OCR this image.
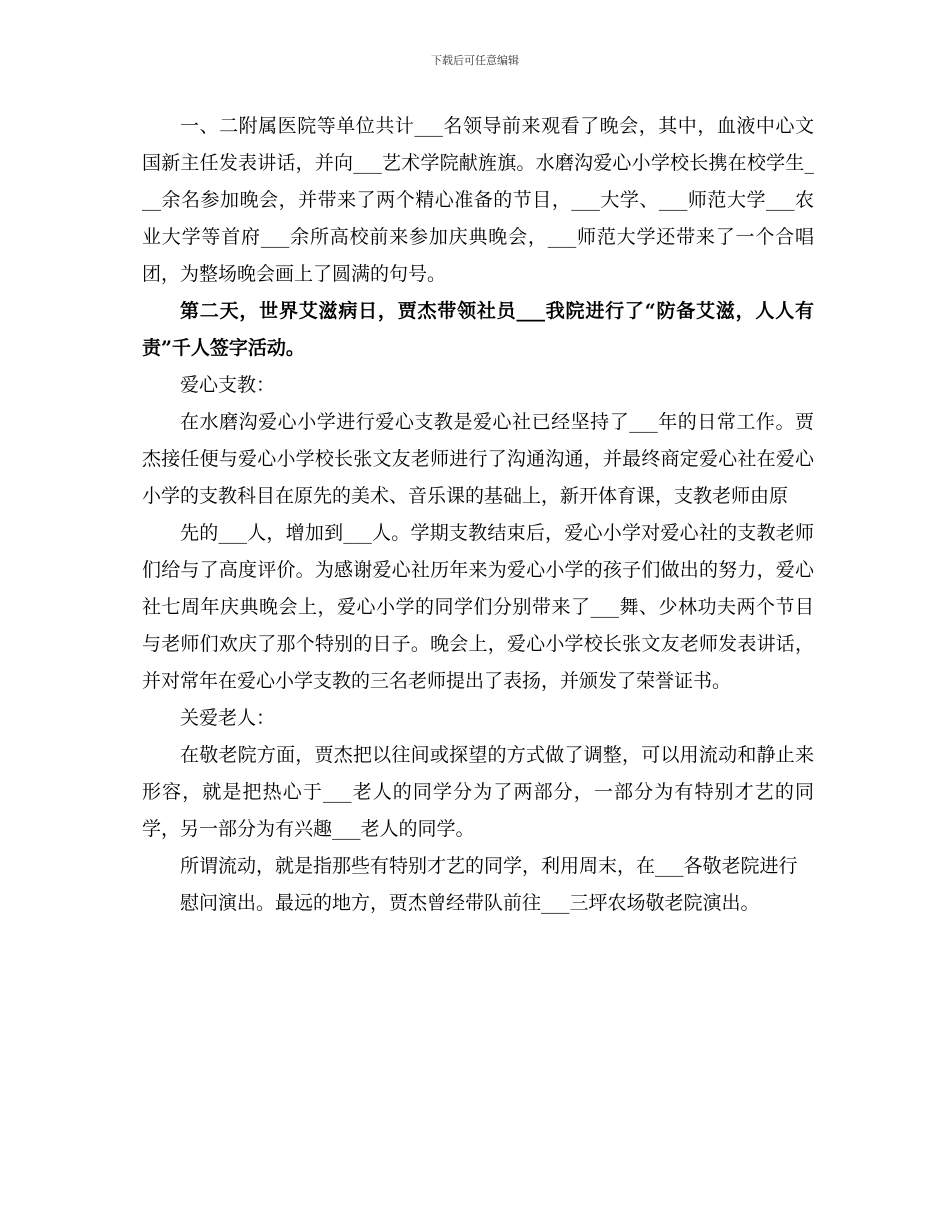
下载后可任意编辑

一、二附属医院等单位共计___名领导前来观看了晚会，其中，血液中心文国新主任发表讲话，并向___艺术学院献旌旗。水磨沟爱心小学校长携在校学生___余名参加晚会，并带来了两个精心准备的节目，___大学、___师范大学___农业大学等首府___余所高校前来参加庆典晚会，___师范大学还带来了一个合唱团，为整场晚会画上了圆满的句号。

第二天，世界艾滋病日，贾杰带领社员___我院进行了“防备艾滋，人人有责”千人签字活动。

爱心支教：

在水磨沟爱心小学进行爱心支教是爱心社已经坚持了___年的日常工作。贾杰接任便与爱心小学校长张文友老师进行了沟通沟通，并最终商定爱心社在爱心小学的支教科目在原先的美术、音乐课的基础上，新开体育课，支教老师由原

先的___人，增加到___人。学期支教结束后，爱心小学对爱心社的支教老师们给与了高度评价。为感谢爱心社历年来为爱心小学的孩子们做出的努力，爱心社七周年庆典晚会上，爱心小学的同学们分别带来了___舞、少林功夫两个节目与老师们欢庆了那个特别的日子。晚会上，爱心小学校长张文友老师发表讲话，并对常年在爱心小学支教的三名老师提出了表扬，并颁发了荣誉证书。

关爱老人：

在敬老院方面，贾杰把以往间或探望的方式做了调整，可以用流动和静止来形容，就是把热心于___老人的同学分为了两部分，一部分为有特别才艺的同学，另一部分为有兴趣___老人的同学。

所谓流动，就是指那些有特别才艺的同学，利用周末，在___各敬老院进行

慰问演出。最远的地方，贾杰曾经带队前往___三坪农场敬老院演出。
